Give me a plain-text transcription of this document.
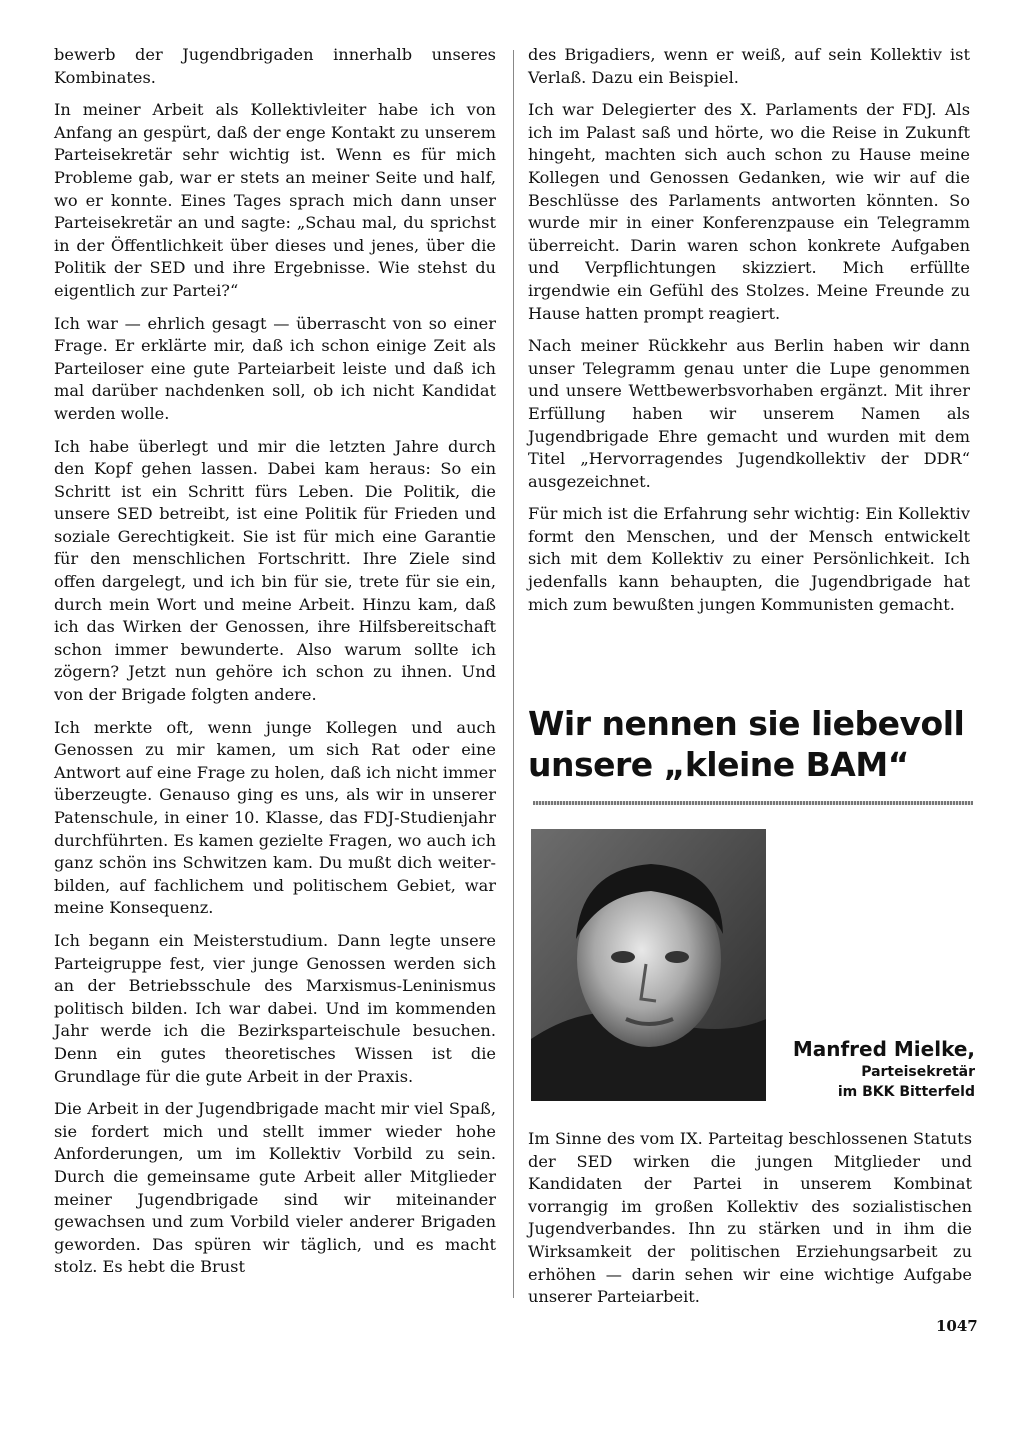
bewerb der Jugendbrigaden innerhalb unseres Kombinates.

In meiner Arbeit als Kollektivleiter habe ich von Anfang an gespürt, daß der enge Kontakt zu unserem Parteisekretär sehr wichtig ist. Wenn es für mich Probleme gab, war er stets an meiner Seite und half, wo er konnte. Eines Tages sprach mich dann unser Parteisekretär an und sagte: „Schau mal, du sprichst in der Öffentlichkeit über dieses und jenes, über die Politik der SED und ihre Ergebnisse. Wie stehst du eigentlich zur Partei?“

Ich war — ehrlich gesagt — überrascht von so einer Frage. Er erklärte mir, daß ich schon einige Zeit als Parteiloser eine gute Parteiarbeit leiste und daß ich mal darüber nachdenken soll, ob ich nicht Kandidat werden wolle.

Ich habe überlegt und mir die letzten Jahre durch den Kopf gehen lassen. Dabei kam heraus: So ein Schritt ist ein Schritt fürs Leben. Die Politik, die unsere SED betreibt, ist eine Politik für Frieden und soziale Gerechtigkeit. Sie ist für mich eine Garantie für den menschlichen Fortschritt. Ihre Ziele sind offen dargelegt, und ich bin für sie, trete für sie ein, durch mein Wort und meine Arbeit. Hinzu kam, daß ich das Wirken der Genossen, ihre Hilfsbereitschaft schon immer bewunderte. Also warum sollte ich zögern? Jetzt nun gehöre ich schon zu ihnen. Und von der Brigade folgten andere.

Ich merkte oft, wenn junge Kollegen und auch Genossen zu mir kamen, um sich Rat oder eine Antwort auf eine Frage zu holen, daß ich nicht immer überzeugte. Genauso ging es uns, als wir in unserer Patenschule, in einer 10. Klasse, das FDJ-Studienjahr durchführten. Es kamen gezielte Fragen, wo auch ich ganz schön ins Schwitzen kam. Du mußt dich weiterbilden, auf fachlichem und politischem Gebiet, war meine Konsequenz.

Ich begann ein Meisterstudium. Dann legte unsere Parteigruppe fest, vier junge Genossen werden sich an der Betriebsschule des Marxismus-Leninismus politisch bilden. Ich war dabei. Und im kommenden Jahr werde ich die Bezirksparteischule besuchen. Denn ein gutes theoretisches Wissen ist die Grundlage für die gute Arbeit in der Praxis.

Die Arbeit in der Jugendbrigade macht mir viel Spaß, sie fordert mich und stellt immer wieder hohe Anforderungen, um im Kollektiv Vorbild zu sein. Durch die gemeinsame gute Arbeit aller Mitglieder meiner Jugendbrigade sind wir miteinander gewachsen und zum Vorbild vieler anderer Brigaden geworden. Das spüren wir täglich, und es macht stolz. Es hebt die Brust

des Brigadiers, wenn er weiß, auf sein Kollektiv ist Verlaß. Dazu ein Beispiel.

Ich war Delegierter des X. Parlaments der FDJ. Als ich im Palast saß und hörte, wo die Reise in Zukunft hingeht, machten sich auch schon zu Hause meine Kollegen und Genossen Gedanken, wie wir auf die Beschlüsse des Parlaments antworten könnten. So wurde mir in einer Konferenzpause ein Telegramm überreicht. Darin waren schon konkrete Aufgaben und Verpflichtungen skizziert. Mich erfüllte irgendwie ein Gefühl des Stolzes. Meine Freunde zu Hause hatten prompt reagiert.

Nach meiner Rückkehr aus Berlin haben wir dann unser Telegramm genau unter die Lupe genommen und unsere Wettbewerbsvorhaben ergänzt. Mit ihrer Erfüllung haben wir unserem Namen als Jugendbrigade Ehre gemacht und wurden mit dem Titel „Hervorragendes Jugendkollektiv der DDR“ ausgezeichnet.

Für mich ist die Erfahrung sehr wichtig: Ein Kollektiv formt den Menschen, und der Mensch entwickelt sich mit dem Kollektiv zu einer Persönlichkeit. Ich jedenfalls kann behaupten, die Jugendbrigade hat mich zum bewußten jungen Kommunisten gemacht.

Wir nennen sie liebevoll
unsere „kleine BAM“
Manfred Mielke,
Parteisekretär
im BKK Bitterfeld

Im Sinne des vom IX. Parteitag beschlossenen Statuts der SED wirken die jungen Mitglieder und Kandidaten der Partei in unserem Kombinat vorrangig im großen Kollektiv des sozialistischen Jugendverbandes. Ihn zu stärken und in ihm die Wirksamkeit der politischen Erziehungsarbeit zu erhöhen — darin sehen wir eine wichtige Aufgabe unserer Parteiarbeit.

1047
